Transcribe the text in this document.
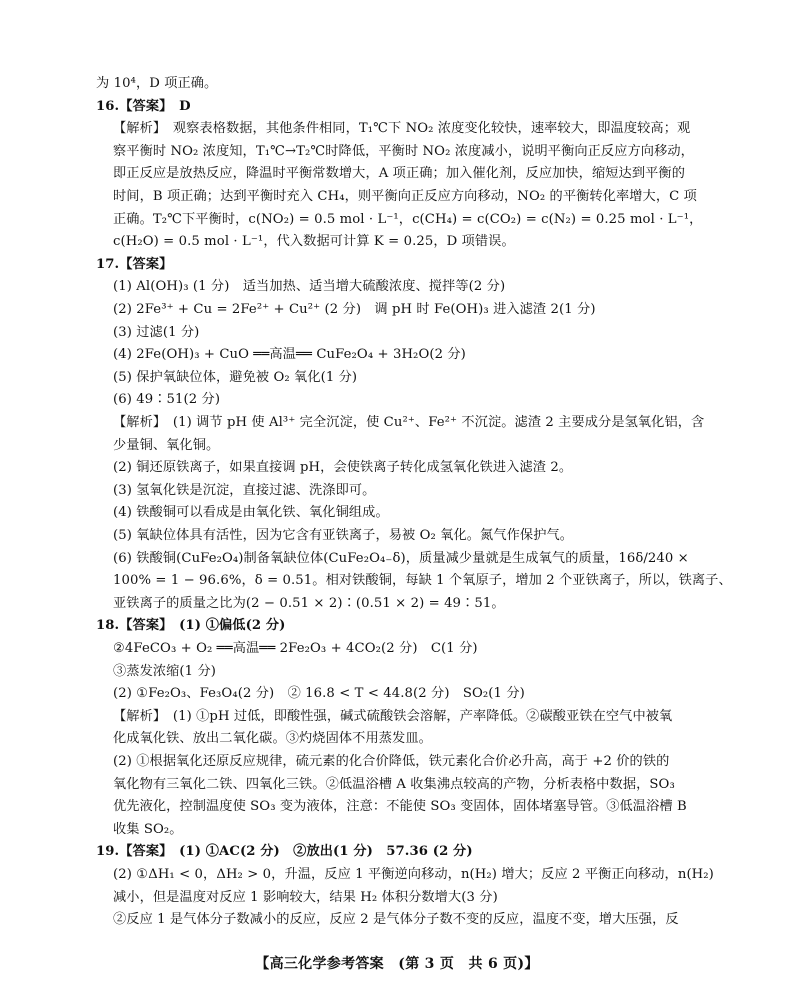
为 10⁴，D 项正确。
16.【答案】　D
【解析】　观察表格数据，其他条件相同，T₁℃下 NO₂ 浓度变化较快，速率较大，即温度较高；观
察平衡时 NO₂ 浓度知，T₁℃→T₂℃时降低，平衡时 NO₂ 浓度减小，说明平衡向正反应方向移动，
即正反应是放热反应，降温时平衡常数增大，A 项正确；加入催化剂，反应加快，缩短达到平衡的
时间，B 项正确；达到平衡时充入 CH₄，则平衡向正反应方向移动，NO₂ 的平衡转化率增大，C 项
正确。T₂℃下平衡时，c(NO₂) = 0.5 mol · L⁻¹，c(CH₄) = c(CO₂) = c(N₂) = 0.25 mol · L⁻¹，
c(H₂O) = 0.5 mol · L⁻¹，代入数据可计算 K = 0.25，D 项错误。
17.【答案】
(1) Al(OH)₃ (1 分)　适当加热、适当增大硫酸浓度、搅拌等(2 分)
(2) 2Fe³⁺ + Cu = 2Fe²⁺ + Cu²⁺ (2 分)　调 pH 时 Fe(OH)₃ 进入滤渣 2(1 分)
(3) 过滤(1 分)
(4) 2Fe(OH)₃ + CuO ══高温══ CuFe₂O₄ + 3H₂O(2 分)
(5) 保护氧缺位体，避免被 O₂ 氧化(1 分)
(6) 49∶51(2 分)
【解析】　(1) 调节 pH 使 Al³⁺ 完全沉淀，使 Cu²⁺、Fe²⁺ 不沉淀。滤渣 2 主要成分是氢氧化铝，含
少量铜、氧化铜。
(2) 铜还原铁离子，如果直接调 pH，会使铁离子转化成氢氧化铁进入滤渣 2。
(3) 氢氧化铁是沉淀，直接过滤、洗涤即可。
(4) 铁酸铜可以看成是由氧化铁、氧化铜组成。
(5) 氧缺位体具有活性，因为它含有亚铁离子，易被 O₂ 氧化。氮气作保护气。
(6) 铁酸铜(CuFe₂O₄)制备氧缺位体(CuFe₂O₄₋δ)，质量减少量就是生成氧气的质量，16δ/240 ×
100% = 1 − 96.6%，δ = 0.51。相对铁酸铜，每缺 1 个氧原子，增加 2 个亚铁离子，所以，铁离子、
亚铁离子的质量之比为(2 − 0.51 × 2)∶(0.51 × 2) = 49∶51。
18.【答案】　(1) ①偏低(2 分)
②4FeCO₃ + O₂ ══高温══ 2Fe₂O₃ + 4CO₂(2 分)　C(1 分)
③蒸发浓缩(1 分)
(2) ①Fe₂O₃、Fe₃O₄(2 分)　② 16.8 < T < 44.8(2 分)　SO₂(1 分)
【解析】　(1) ①pH 过低，即酸性强，碱式硫酸铁会溶解，产率降低。②碳酸亚铁在空气中被氧
化成氧化铁、放出二氧化碳。③灼烧固体不用蒸发皿。
(2) ①根据氧化还原反应规律，硫元素的化合价降低，铁元素化合价必升高，高于 +2 价的铁的
氧化物有三氧化二铁、四氧化三铁。②低温浴槽 A 收集沸点较高的产物，分析表格中数据，SO₃
优先液化，控制温度使 SO₃ 变为液体，注意：不能使 SO₃ 变固体，固体堵塞导管。③低温浴槽 B
收集 SO₂。
19.【答案】　(1) ①AC(2 分)　②放出(1 分)　57.36 (2 分)
(2) ①ΔH₁ < 0，ΔH₂ > 0，升温，反应 1 平衡逆向移动，n(H₂) 增大；反应 2 平衡正向移动，n(H₂)
减小，但是温度对反应 1 影响较大，结果 H₂ 体积分数增大(3 分)
②反应 1 是气体分子数减小的反应，反应 2 是气体分子数不变的反应，温度不变，增大压强，反
【高三化学参考答案　(第 3 页　共 6 页)】
